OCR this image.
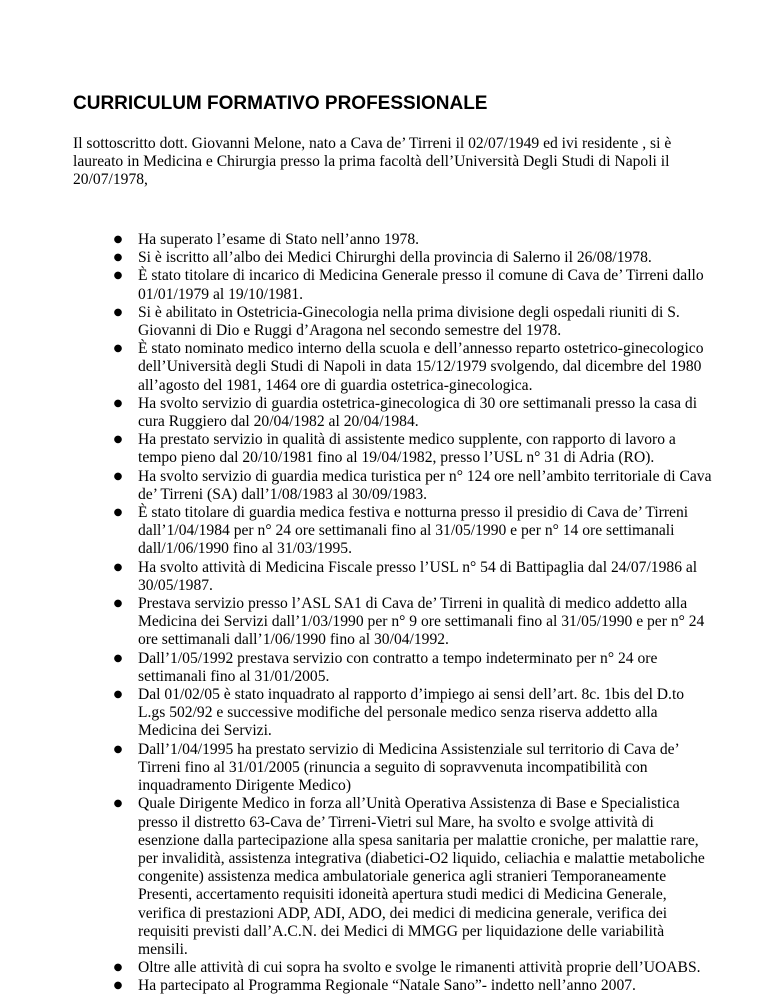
CURRICULUM FORMATIVO PROFESSIONALE

Il sottoscritto dott. Giovanni Melone, nato a Cava de’ Tirreni il 02/07/1949 ed ivi residente , si è laureato in Medicina e Chirurgia presso la prima facoltà dell’Università Degli Studi di Napoli il 20/07/1978,

● Ha superato l’esame di Stato nell’anno 1978.
● Si è iscritto all’albo dei Medici Chirurghi della provincia di Salerno il 26/08/1978.
● È stato titolare di incarico di Medicina Generale presso il comune di Cava de’ Tirreni dallo 01/01/1979 al 19/10/1981.
● Si è abilitato in Ostetricia-Ginecologia nella prima divisione degli ospedali riuniti di S. Giovanni di Dio e Ruggi d’Aragona nel secondo semestre del 1978.
● È stato nominato medico interno della scuola e dell’annesso reparto ostetrico-ginecologico dell’Università degli Studi di Napoli in data 15/12/1979 svolgendo, dal dicembre del 1980 all’agosto del 1981, 1464 ore di guardia ostetrica-ginecologica.
● Ha svolto servizio di guardia ostetrica-ginecologica di 30 ore settimanali presso la casa di cura Ruggiero dal 20/04/1982 al 20/04/1984.
● Ha prestato servizio in qualità di assistente medico supplente, con rapporto di lavoro a tempo pieno dal 20/10/1981 fino al 19/04/1982, presso l’USL n° 31 di Adria (RO).
● Ha svolto servizio di guardia medica turistica per n° 124 ore nell’ambito territoriale di Cava de’ Tirreni (SA) dall’1/08/1983 al 30/09/1983.
● È stato titolare di guardia medica festiva e notturna presso il presidio di Cava de’ Tirreni dall’1/04/1984 per n° 24 ore settimanali fino al 31/05/1990 e per n° 14 ore settimanali dall/1/06/1990 fino al 31/03/1995.
● Ha svolto attività di Medicina Fiscale presso l’USL n° 54 di Battipaglia dal 24/07/1986 al 30/05/1987.
● Prestava servizio presso l’ASL SA1 di Cava de’ Tirreni in qualità di medico addetto alla Medicina dei Servizi dall’1/03/1990 per n° 9 ore settimanali fino al 31/05/1990 e per n° 24 ore settimanali dall’1/06/1990 fino al 30/04/1992.
● Dall’1/05/1992 prestava servizio con contratto a tempo indeterminato per n° 24 ore settimanali fino al 31/01/2005.
● Dal 01/02/05 è stato inquadrato al rapporto d’impiego ai sensi dell’art. 8c. 1bis del D.to L.gs 502/92 e successive modifiche del personale medico senza riserva addetto alla Medicina dei Servizi.
● Dall’1/04/1995 ha prestato servizio di Medicina Assistenziale sul territorio di Cava de’ Tirreni fino al 31/01/2005 (rinuncia a seguito di sopravvenuta incompatibilità con inquadramento Dirigente Medico)
● Quale Dirigente Medico in forza all’Unità Operativa Assistenza di Base e Specialistica presso il distretto 63-Cava de’ Tirreni-Vietri sul Mare, ha svolto e svolge attività di esenzione dalla partecipazione alla spesa sanitaria per malattie croniche, per malattie rare, per invalidità, assistenza integrativa (diabetici-O2 liquido, celiachia e malattie metaboliche congenite) assistenza medica ambulatoriale generica agli stranieri Temporaneamente Presenti, accertamento requisiti idoneità apertura studi medici di Medicina Generale, verifica di prestazioni ADP, ADI, ADO, dei medici di medicina generale, verifica dei requisiti previsti dall’A.C.N. dei Medici di MMGG per liquidazione delle variabilità mensili.
● Oltre alle attività di cui sopra ha svolto e svolge le rimanenti attività proprie dell’UOABS.
● Ha partecipato al Programma Regionale “Natale Sano”- indetto nell’anno 2007.
